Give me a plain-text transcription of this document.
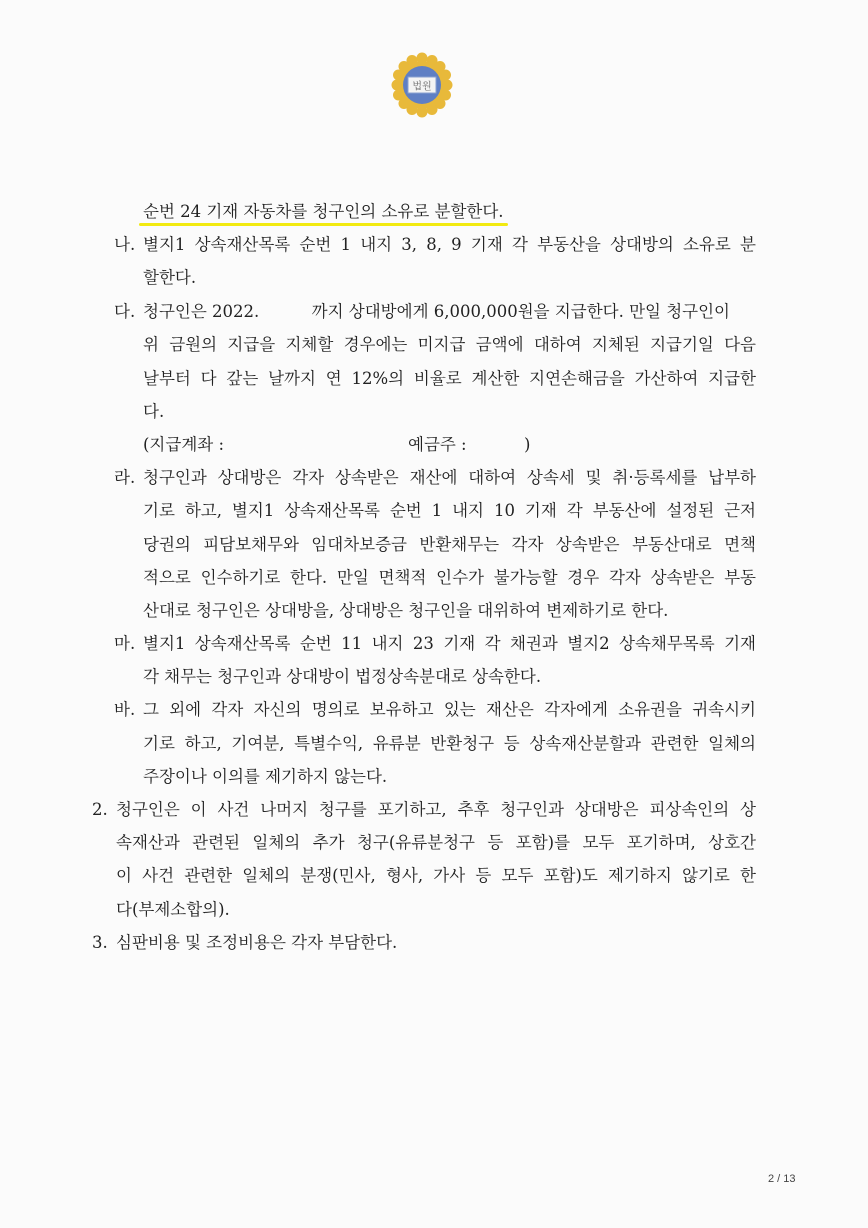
법원
순번 24 기재 자동차를 청구인의 소유로 분할한다.
나. 별지1 상속재산목록 순번 1 내지 3, 8, 9 기재 각 부동산을 상대방의 소유로 분
할한다.
다. 청구인은 2022.          까지 상대방에게 6,000,000원을 지급한다. 만일 청구인이
위 금원의 지급을 지체할 경우에는 미지급 금액에 대하여 지체된 지급기일 다음
날부터 다 갚는 날까지 연 12%의 비율로 계산한 지연손해금을 가산하여 지급한
다.
(지급계좌 :	예금주 :	)
라. 청구인과 상대방은 각자 상속받은 재산에 대하여 상속세 및 취·등록세를 납부하
기로 하고, 별지1 상속재산목록 순번 1 내지 10 기재 각 부동산에 설정된 근저
당권의 피담보채무와 임대차보증금 반환채무는 각자 상속받은 부동산대로 면책
적으로 인수하기로 한다. 만일 면책적 인수가 불가능할 경우 각자 상속받은 부동
산대로 청구인은 상대방을, 상대방은 청구인을 대위하여 변제하기로 한다.
마. 별지1 상속재산목록 순번 11 내지 23 기재 각 채권과 별지2 상속채무목록 기재
각 채무는 청구인과 상대방이 법정상속분대로 상속한다.
바. 그 외에 각자 자신의 명의로 보유하고 있는 재산은 각자에게 소유권을 귀속시키
기로 하고, 기여분, 특별수익, 유류분 반환청구 등 상속재산분할과 관련한 일체의
주장이나 이의를 제기하지 않는다.
2. 청구인은 이 사건 나머지 청구를 포기하고, 추후 청구인과 상대방은 피상속인의 상
속재산과 관련된 일체의 추가 청구(유류분청구 등 포함)를 모두 포기하며, 상호간
이 사건 관련한 일체의 분쟁(민사, 형사, 가사 등 모두 포함)도 제기하지 않기로 한
다(부제소합의).
3. 심판비용 및 조정비용은 각자 부담한다.
2 / 13
